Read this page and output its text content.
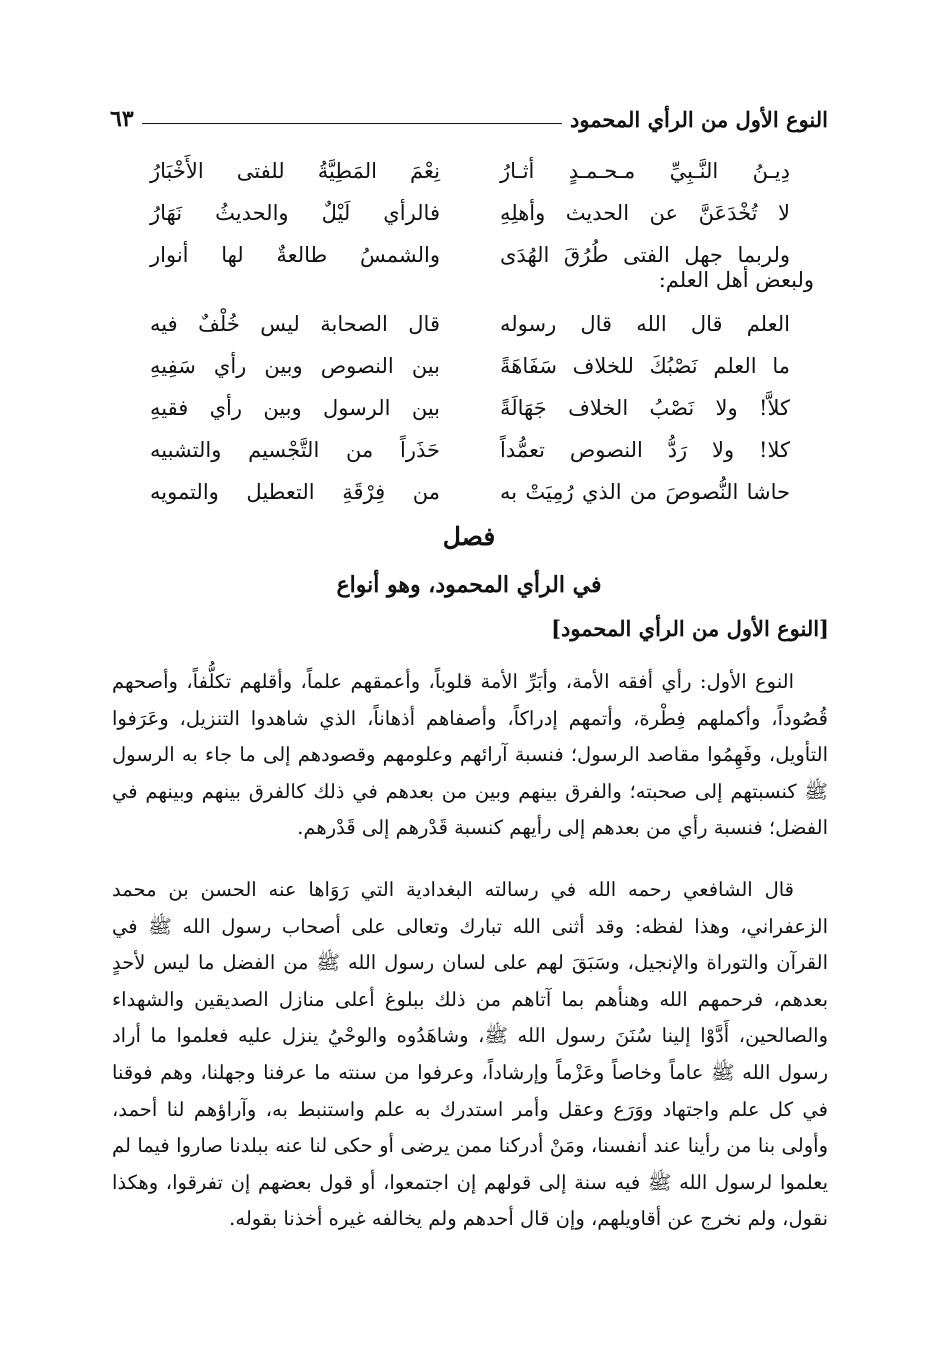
النوع الأول من الرأي المحمود
٦٣
دِيـنُ النَّـبِيِّ مـحـمـدٍ أثـارُ
نِعْمَ المَطِيَّةُ للفتى الأَخْبَارُ
لا تُخْدَعَنَّ عن الحديث وأهلِهِ
فالرأي لَيْلٌ والحديثُ نَهَارُ
ولربما جهل الفتى طُرُقَ الهُدَى
والشمسُ طالعةٌ لها أنوار
ولبعض أهل العلم:
العلم قال الله قال رسوله
قال الصحابة ليس خُلْفٌ فيه
ما العلم نَصْبُكَ للخلاف سَفَاهَةً
بين النصوص وبين رأي سَفِيهِ
كلاَّ! ولا نَصْبُ الخلاف جَهَالَةً
بين الرسول وبين رأي فقيهِ
كلا! ولا رَدُّ النصوص تعمُّداً
حَذَراً من التَّجْسيم والتشبيه
حاشا النُّصوصَ من الذي رُمِيَتْ به
من فِرْقَةِ التعطيل والتمويه
فصل
في الرأي المحمود، وهو أنواع
[النوع الأول من الرأي المحمود]

النوع الأول: رأي أفقه الأمة، وأبَرِّ الأمة قلوباً، وأعمقهم علماً، وأقلهم تكلُّفاً، وأصحهم قُصُوداً، وأكملهم فِطْرة، وأتمهم إدراكاً، وأصفاهم أذهاناً، الذي شاهدوا التنزيل، وعَرَفوا التأويل، وفَهِمُوا مقاصد الرسول؛ فنسبة آرائهم وعلومهم وقصودهم إلى ما جاء به الرسول ﷺ كنسبتهم إلى صحبته؛ والفرق بينهم وبين من بعدهم في ذلك كالفرق بينهم وبينهم في الفضل؛ فنسبة رأي من بعدهم إلى رأيهم كنسبة قَدْرهم إلى قَدْرهم.

قال الشافعي رحمه الله في رسالته البغدادية التي رَوَاها عنه الحسن بن محمد الزعفراني، وهذا لفظه: وقد أثنى الله تبارك وتعالى على أصحاب رسول الله ﷺ في القرآن والتوراة والإنجيل، وسَبَقَ لهم على لسان رسول الله ﷺ من الفضل ما ليس لأحدٍ بعدهم، فرحمهم الله وهنأهم بما آتاهم من ذلك ببلوغ أعلى منازل الصديقين والشهداء والصالحين، أَدَّوْا إلينا سُنَنَ رسول الله ﷺ، وشاهَدُوه والوحْيُ ينزل عليه فعلموا ما أراد رسول الله ﷺ عاماً وخاصاً وعَزْماً وإرشاداً، وعرفوا من سنته ما عرفنا وجهلنا، وهم فوقنا في كل علم واجتهاد ووَرَع وعقل وأمر استدرك به علم واستنبط به، وآراؤهم لنا أحمد، وأولى بنا من رأينا عند أنفسنا، ومَنْ أدركنا ممن يرضى أو حكى لنا عنه ببلدنا صاروا فيما لم يعلموا لرسول الله ﷺ فيه سنة إلى قولهم إن اجتمعوا، أو قول بعضهم إن تفرقوا، وهكذا نقول، ولم نخرج عن أقاويلهم، وإن قال أحدهم ولم يخالفه غيره أخذنا بقوله.
